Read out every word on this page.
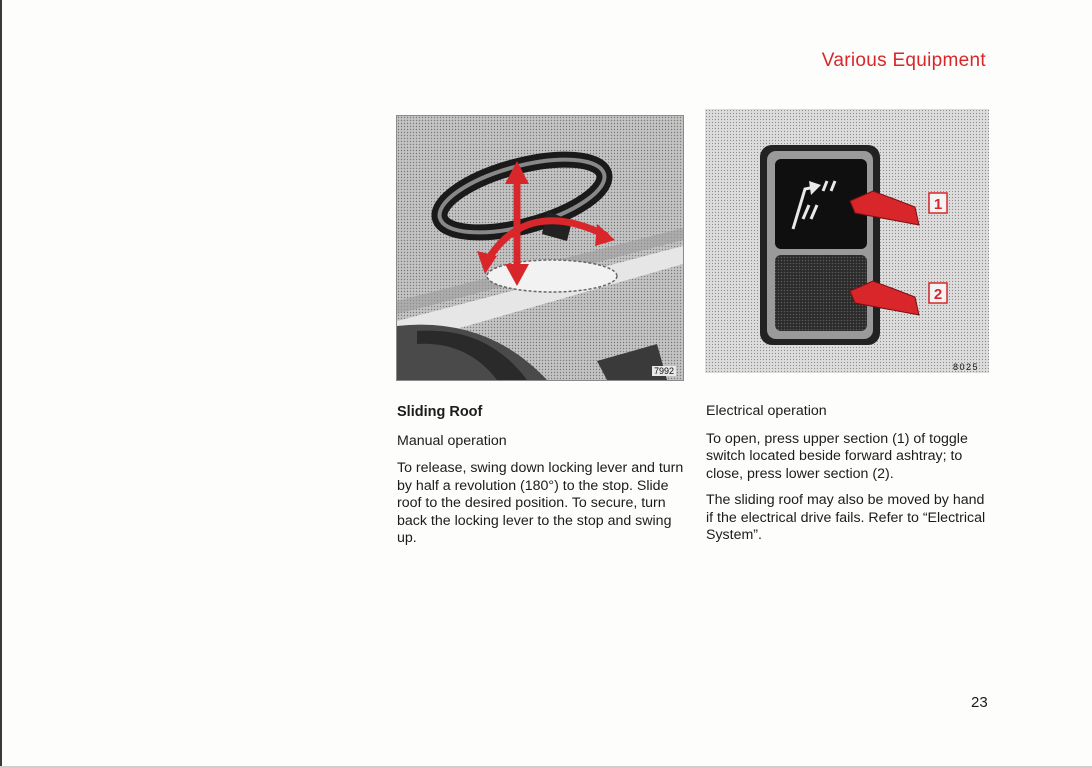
Various Equipment
7992
1
2
8025

Sliding Roof

Manual operation

To release, swing down locking lever and turn by half a revolution (180°) to the stop. Slide roof to the desired position. To secure, turn back the locking lever to the stop and swing up.

Electrical operation

To open, press upper section (1) of toggle switch located beside forward ashtray; to close, press lower section (2).

The sliding roof may also be moved by hand if the electrical drive fails. Refer to “Electrical System”.

23
